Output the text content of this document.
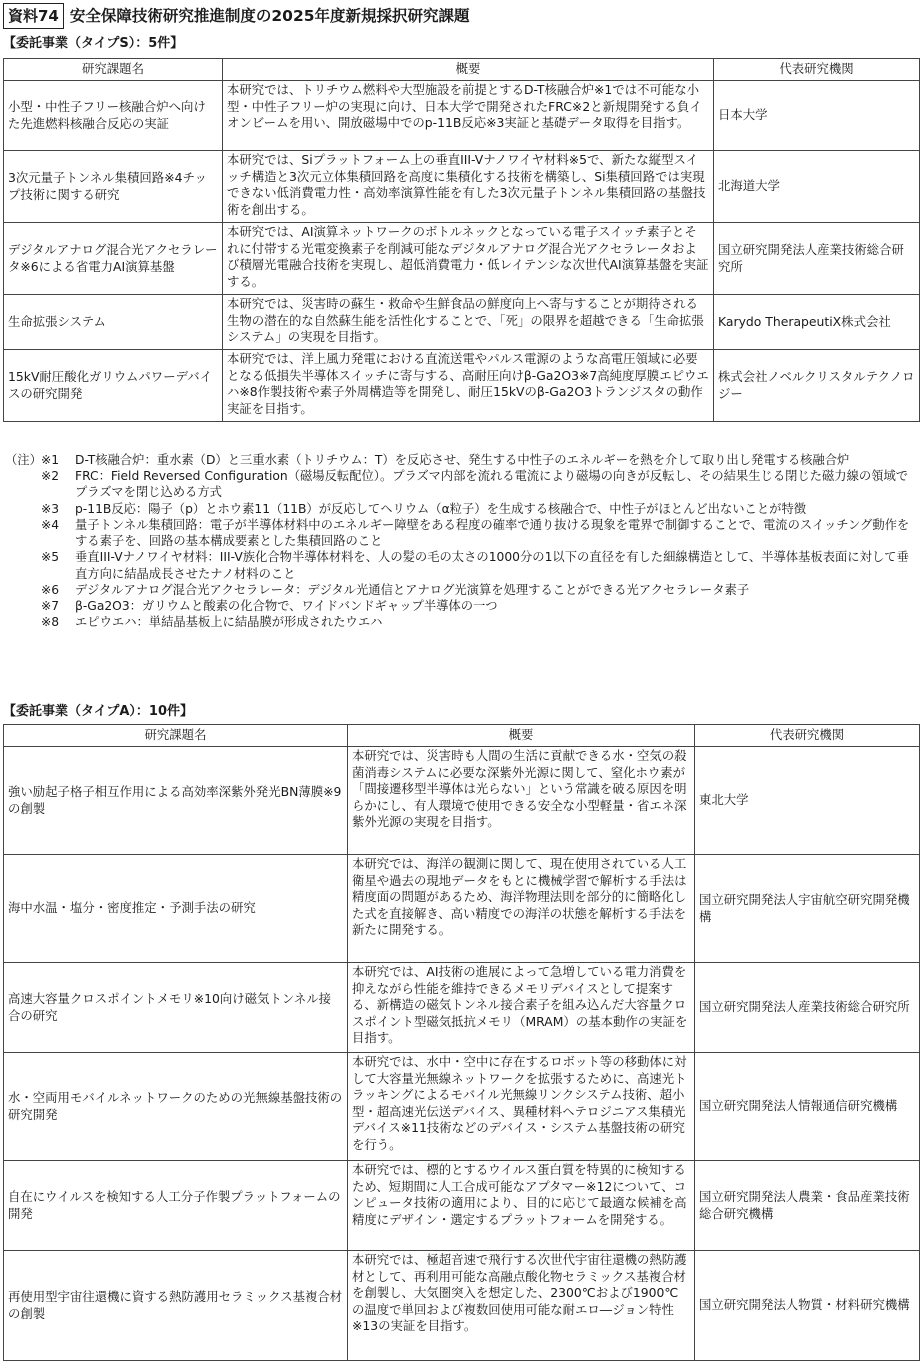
資料74 安全保障技術研究推進制度の2025年度新規採択研究課題
【委託事業（タイプS）：5件】
研究課題名	概要	代表研究機関
小型・中性子フリー核融合炉へ向けた先進燃料核融合反応の実証	本研究では、トリチウム燃料や大型施設を前提とするD-T核融合炉※1では不可能な小型・中性子フリー炉の実現に向け、日本大学で開発されたFRC※2と新規開発する負イオンビームを用い、開放磁場中でのp-11B反応※3実証と基礎データ取得を目指す。	日本大学
3次元量子トンネル集積回路※4チップ技術に関する研究	本研究では、Siプラットフォーム上の垂直III-Vナノワイヤ材料※5で、新たな縦型スイッチ構造と3次元立体集積回路を高度に集積化する技術を構築し、Si集積回路では実現できない低消費電力性・高効率演算性能を有した3次元量子トンネル集積回路の基盤技術を創出する。	北海道大学
デジタルアナログ混合光アクセラレータ※6による省電力AI演算基盤	本研究では、AI演算ネットワークのボトルネックとなっている電子スイッチ素子とそれに付帯する光電変換素子を削減可能なデジタルアナログ混合光アクセラレータおよび積層光電融合技術を実現し、超低消費電力・低レイテンシな次世代AI演算基盤を実証する。	国立研究開発法人産業技術総合研究所
生命拡張システム	本研究では、災害時の蘇生・救命や生鮮食品の鮮度向上へ寄与することが期待される生物の潜在的な自然蘇生能を活性化することで、「死」の限界を超越できる「生命拡張システム」の実現を目指す。	Karydo TherapeutiX株式会社
15kV耐圧酸化ガリウムパワーデバイスの研究開発	本研究では、洋上風力発電における直流送電やパルス電源のような高電圧領域に必要となる低損失半導体スイッチに寄与する、高耐圧向けβ-Ga2O3※7高純度厚膜エピウエハ※8作製技術や素子外周構造等を開発し、耐圧15kVのβ-Ga2O3トランジスタの動作実証を目指す。	株式会社ノベルクリスタルテクノロジー
（注） ※1	D-T核融合炉：重水素（D）と三重水素（トリチウム：T）を反応させ、発生する中性子のエネルギーを熱を介して取り出し発電する核融合炉
※2	FRC：Field Reversed Configuration（磁場反転配位）。プラズマ内部を流れる電流により磁場の向きが反転し、その結果生じる閉じた磁力線の領域でプラズマを閉じ込める方式
※3	p-11B反応：陽子（p）とホウ素11（11B）が反応してヘリウム（α粒子）を生成する核融合で、中性子がほとんど出ないことが特徴
※4	量子トンネル集積回路：電子が半導体材料中のエネルギー障壁をある程度の確率で通り抜ける現象を電界で制御することで、電流のスイッチング動作をする素子を、回路の基本構成要素とした集積回路のこと
※5	垂直III-Vナノワイヤ材料：III-V族化合物半導体材料を、人の髪の毛の太さの1000分の1以下の直径を有した細線構造として、半導体基板表面に対して垂直方向に結晶成長させたナノ材料のこと
※6	デジタルアナログ混合光アクセラレータ：デジタル光通信とアナログ光演算を処理することができる光アクセラレータ素子
※7	β-Ga2O3：ガリウムと酸素の化合物で、ワイドバンドギャップ半導体の一つ
※8	エピウエハ：単結晶基板上に結晶膜が形成されたウエハ
【委託事業（タイプA）：10件】
研究課題名	概要	代表研究機関
強い励起子格子相互作用による高効率深紫外発光BN薄膜※9の創製	本研究では、災害時も人間の生活に貢献できる水・空気の殺菌消毒システムに必要な深紫外光源に関して、窒化ホウ素が「間接遷移型半導体は光らない」という常識を破る原因を明らかにし、有人環境で使用できる安全な小型軽量・省エネ深紫外光源の実現を目指す。	東北大学
海中水温・塩分・密度推定・予測手法の研究	本研究では、海洋の観測に関して、現在使用されている人工衛星や過去の現地データをもとに機械学習で解析する手法は精度面の問題があるため、海洋物理法則を部分的に簡略化した式を直接解き、高い精度での海洋の状態を解析する手法を新たに開発する。	国立研究開発法人宇宙航空研究開発機構
高速大容量クロスポイントメモリ※10向け磁気トンネル接合の研究	本研究では、AI技術の進展によって急増している電力消費を抑えながら性能を維持できるメモリデバイスとして提案する、新構造の磁気トンネル接合素子を組み込んだ大容量クロスポイント型磁気抵抗メモリ（MRAM）の基本動作の実証を目指す。	国立研究開発法人産業技術総合研究所
水・空両用モバイルネットワークのための光無線基盤技術の研究開発	本研究では、水中・空中に存在するロボット等の移動体に対して大容量光無線ネットワークを拡張するために、高速光トラッキングによるモバイル光無線リンクシステム技術、超小型・超高速光伝送デバイス、異種材料ヘテロジニアス集積光デバイス※11技術などのデバイス・システム基盤技術の研究を行う。	国立研究開発法人情報通信研究機構
自在にウイルスを検知する人工分子作製プラットフォームの開発	本研究では、標的とするウイルス蛋白質を特異的に検知するため、短期間に人工合成可能なアプタマー※12について、コンピュータ技術の適用により、目的に応じて最適な候補を高精度にデザイン・選定するプラットフォームを開発する。	国立研究開発法人農業・食品産業技術総合研究機構
再使用型宇宙往還機に資する熱防護用セラミックス基複合材の創製	本研究では、極超音速で飛行する次世代宇宙往還機の熱防護材として、再利用可能な高融点酸化物セラミックス基複合材を創製し、大気圏突入を想定した、2300℃および1900℃の温度で単回および複数回使用可能な耐エロ―ジョン特性※13の実証を目指す。	国立研究開発法人物質・材料研究機構
